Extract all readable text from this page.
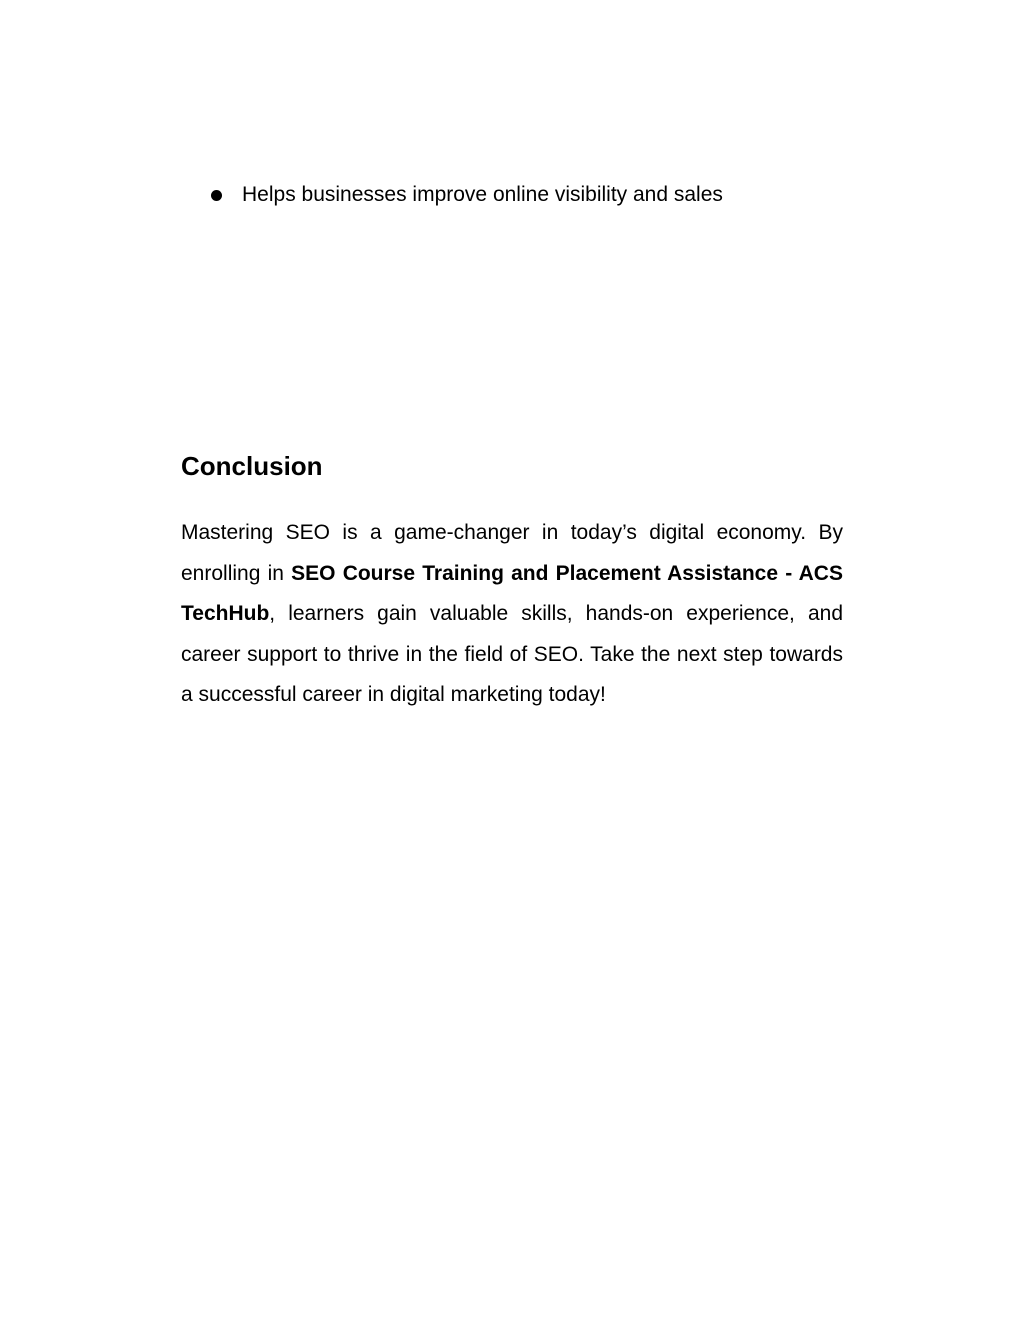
Helps businesses improve online visibility and sales
Conclusion

Mastering SEO is a game-changer in today’s digital economy. By enrolling in SEO Course Training and Placement Assistance - ACS TechHub, learners gain valuable skills, hands-on experience, and career support to thrive in the field of SEO. Take the next step towards a successful career in digital marketing today!
